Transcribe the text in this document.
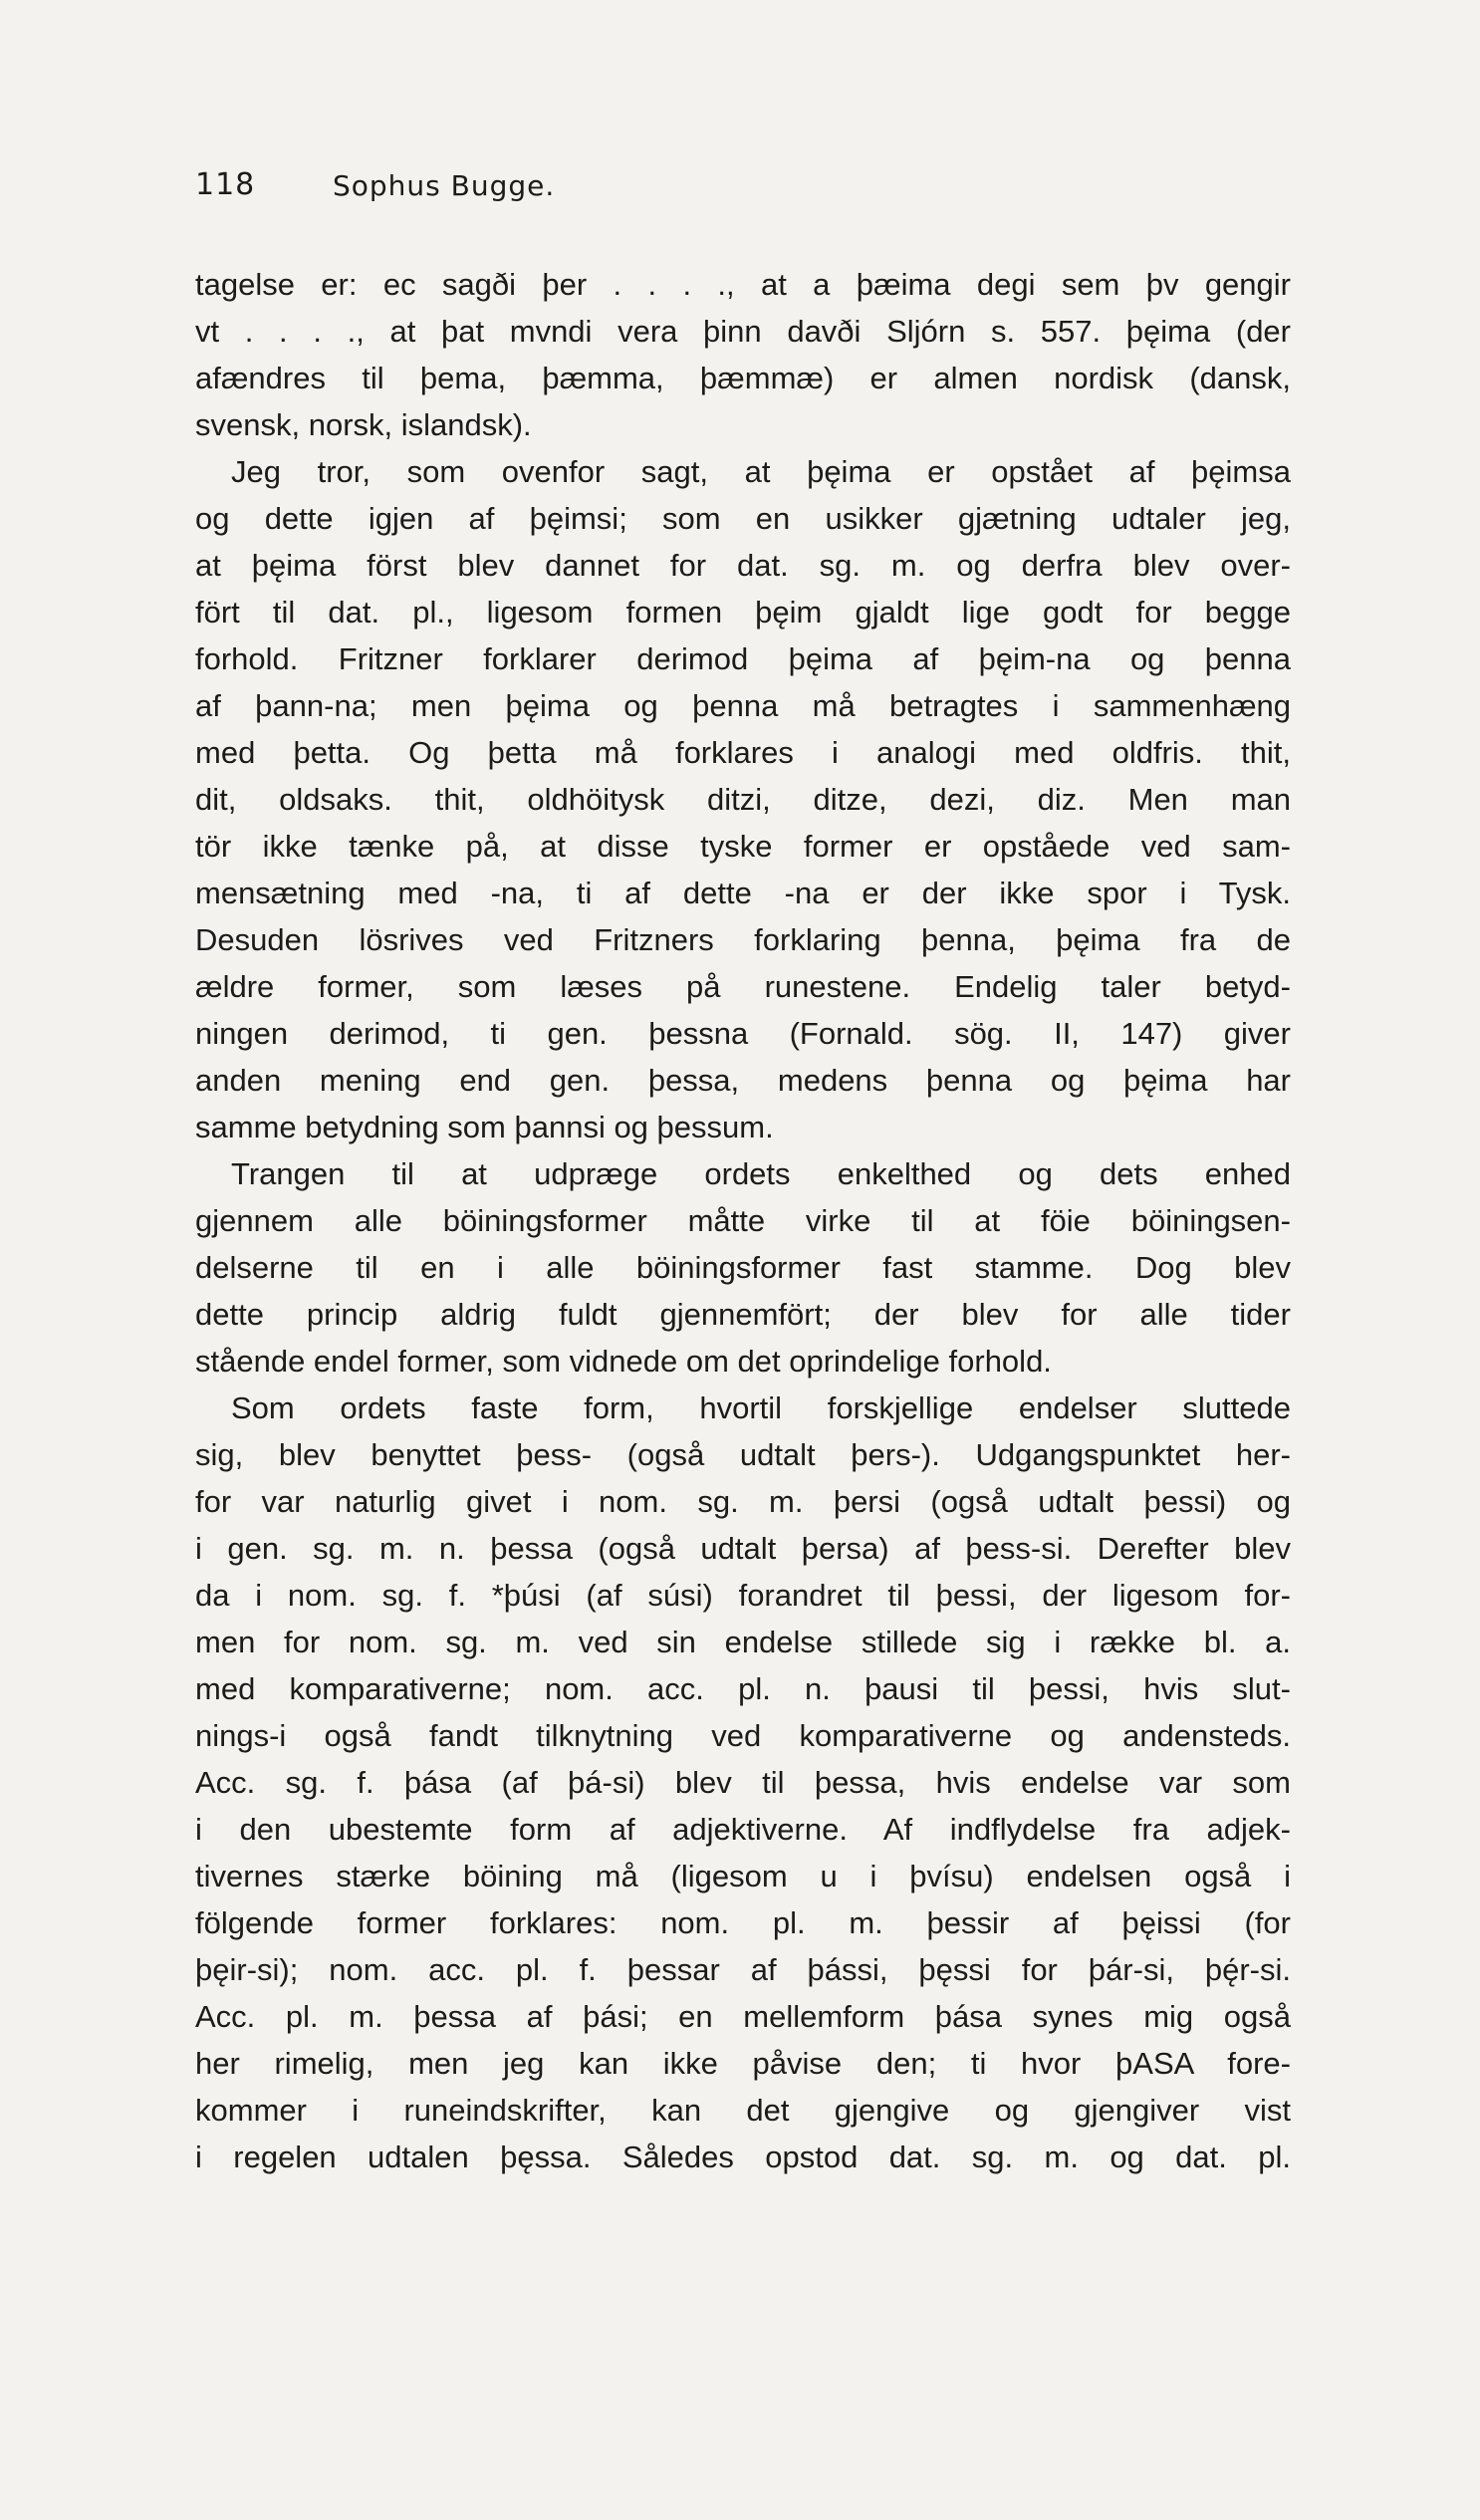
118	Sophus Bugge.
tagelse er: ec sagði þer . . . ., at a þæima degi sem þv gengir
vt . . . ., at þat mvndi vera þinn davði Sljórn s. 557. þęima (der
afændres til þema, þæmma, þæmmæ) er almen nordisk (dansk,
svensk, norsk, islandsk).
Jeg tror, som ovenfor sagt, at þęima er opstået af þęimsa
og dette igjen af þęimsi; som en usikker gjætning udtaler jeg,
at þęima först blev dannet for dat. sg. m. og derfra blev over-
fört til dat. pl., ligesom formen þęim gjaldt lige godt for begge
forhold. Fritzner forklarer derimod þęima af þęim-na og þenna
af þann-na; men þęima og þenna må betragtes i sammenhæng
med þetta. Og þetta må forklares i analogi med oldfris. thit,
dit, oldsaks. thit, oldhöitysk ditzi, ditze, dezi, diz. Men man
tör ikke tænke på, at disse tyske former er opståede ved sam-
mensætning med -na, ti af dette -na er der ikke spor i Tysk.
Desuden lösrives ved Fritzners forklaring þenna, þęima fra de
ældre former, som læses på runestene. Endelig taler betyd-
ningen derimod, ti gen. þessna (Fornald. sög. II, 147) giver
anden mening end gen. þessa, medens þenna og þęima har
samme betydning som þannsi og þessum.
Trangen til at udpræge ordets enkelthed og dets enhed
gjennem alle böiningsformer måtte virke til at föie böiningsen-
delserne til en i alle böiningsformer fast stamme. Dog blev
dette princip aldrig fuldt gjennemfört; der blev for alle tider
stående endel former, som vidnede om det oprindelige forhold.
Som ordets faste form, hvortil forskjellige endelser sluttede
sig, blev benyttet þess- (også udtalt þers-). Udgangspunktet her-
for var naturlig givet i nom. sg. m. þersi (også udtalt þessi) og
i gen. sg. m. n. þessa (også udtalt þersa) af þess-si. Derefter blev
da i nom. sg. f. *þúsi (af súsi) forandret til þessi, der ligesom for-
men for nom. sg. m. ved sin endelse stillede sig i række bl. a.
med komparativerne; nom. acc. pl. n. þausi til þessi, hvis slut-
nings-i også fandt tilknytning ved komparativerne og andensteds.
Acc. sg. f. þása (af þá-si) blev til þessa, hvis endelse var som
i den ubestemte form af adjektiverne. Af indflydelse fra adjek-
tivernes stærke böining må (ligesom u i þvísu) endelsen også i
fölgende former forklares: nom. pl. m. þessir af þęissi (for
þęir-si); nom. acc. pl. f. þessar af þássi, þęssi for þár-si, þę́r-si.
Acc. pl. m. þessa af þási; en mellemform þása synes mig også
her rimelig, men jeg kan ikke påvise den; ti hvor þASA fore-
kommer i runeindskrifter, kan det gjengive og gjengiver vist
i regelen udtalen þęssa. Således opstod dat. sg. m. og dat. pl.
